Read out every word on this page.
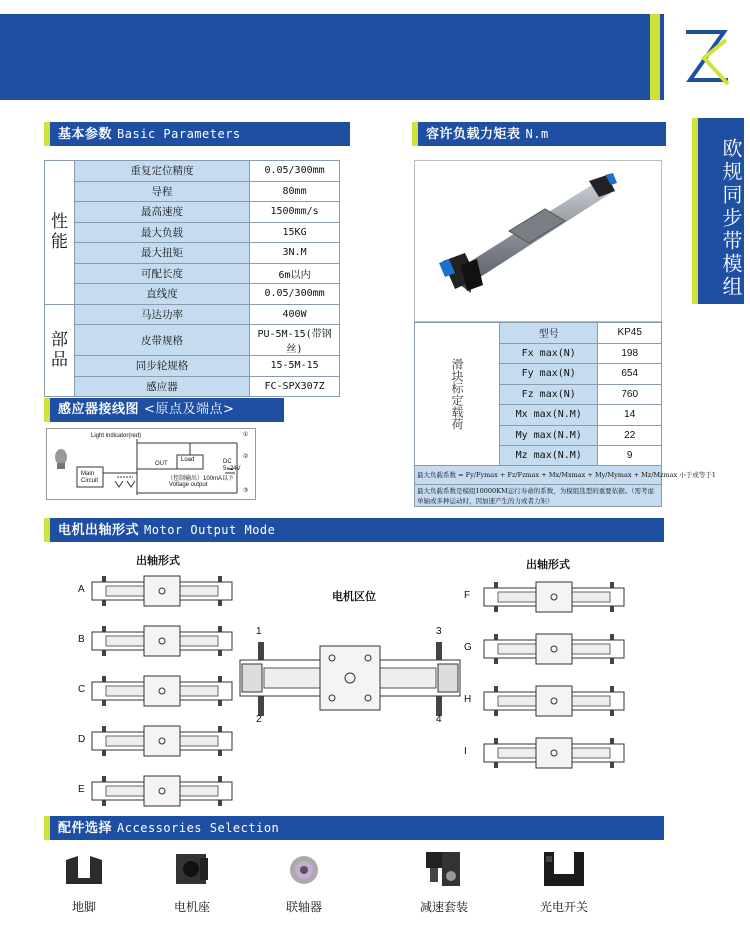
欧规同步带模组
基本参数 Basic Parameters
性能	重复定位精度	0.05/300mm
	导程	80mm
	最高速度	1500mm/s
	最大负载	15KG
	最大扭矩	3N.M
	可配长度	6m以内
	直线度	0.05/300mm
部品	马达功率	400W
	皮带规格	PU-5M-15(带钢丝)
	同步轮规格	15-5M-15
	感应器	FC-SPX307Z
容许负载力矩表 N.m
滑块标定载荷	型号	KP45
	Fx max(N)	198
	Fy max(N)	654
	Fz max(N)	760
	Mx max(N.M)	14
	My max(N.M)	22
	Mz max(N.M)	9
最大负载系数 = Fy/Fymax + Fz/Fzmax + Mx/Mxmax + My/Mymax + Mz/Mzmax 小于或等于1
最大负载系数是模组10000KM运行寿命的系数，为模组选型的重要依据。（需考虑单轴或多种运动时，因加速产生的力或者力矩）
感应器接线图 <原点及端点>
Light indicator(red)	①
②
③
Main Circuit
OUT
Load	DC 5~24V
（控制输出）100mA以下
Voltage output
电机出轴形式 Motor Output Mode
出轴形式
电机区位
出轴形式
A
B
C
D
E
F
G
H
I
1
2
3
4
配件选择 Accessories Selection
地脚	电机座	联轴器	减速套装	光电开关
